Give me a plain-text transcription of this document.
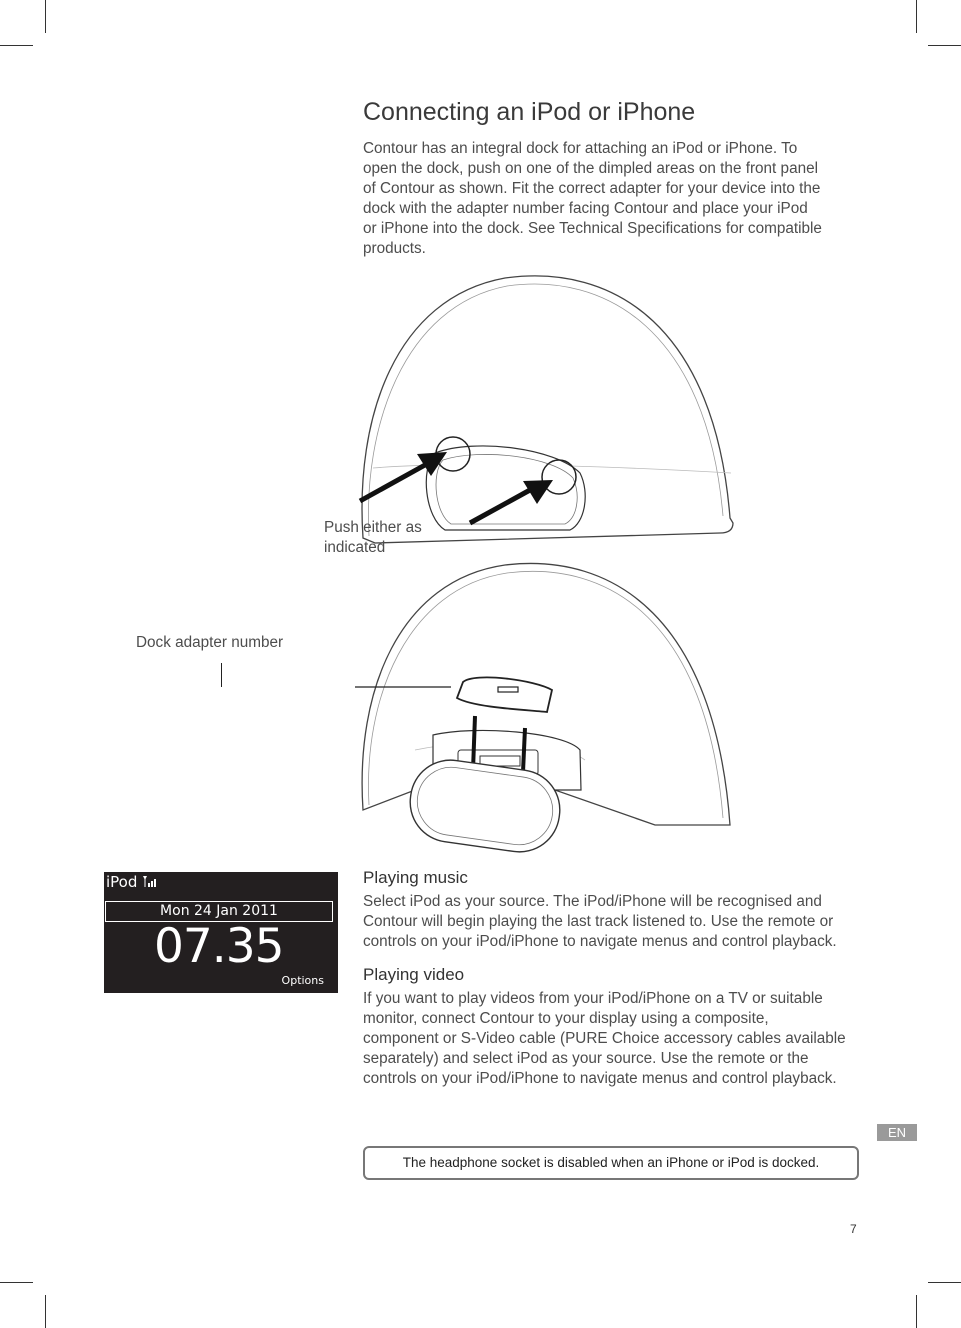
Connecting an iPod or iPhone
Contour has an integral dock for attaching an iPod or iPhone. To
open the dock, push on one of the dimpled areas on the front panel
of Contour as shown. Fit the correct adapter for your device into the
dock with the adapter number facing Contour and place your iPod
or iPhone into the dock. See Technical Specifications for compatible
products.
Push either as
indicated
Dock adapter number
iPod
Mon 24 Jan 2011
07.35
Options
Playing music
Select iPod as your source. The iPod/iPhone will be recognised and
Contour will begin playing the last track listened to. Use the remote or
controls on your iPod/iPhone to navigate menus and control playback.
Playing video
If you want to play videos from your iPod/iPhone on a TV or suitable
monitor, connect Contour to your display using a composite,
component or S-Video cable (PURE Choice accessory cables available
separately) and select iPod as your source. Use the remote or the
controls on your iPod/iPhone to navigate menus and control playback.
EN
The headphone socket is disabled when an iPhone or iPod is docked.
7
